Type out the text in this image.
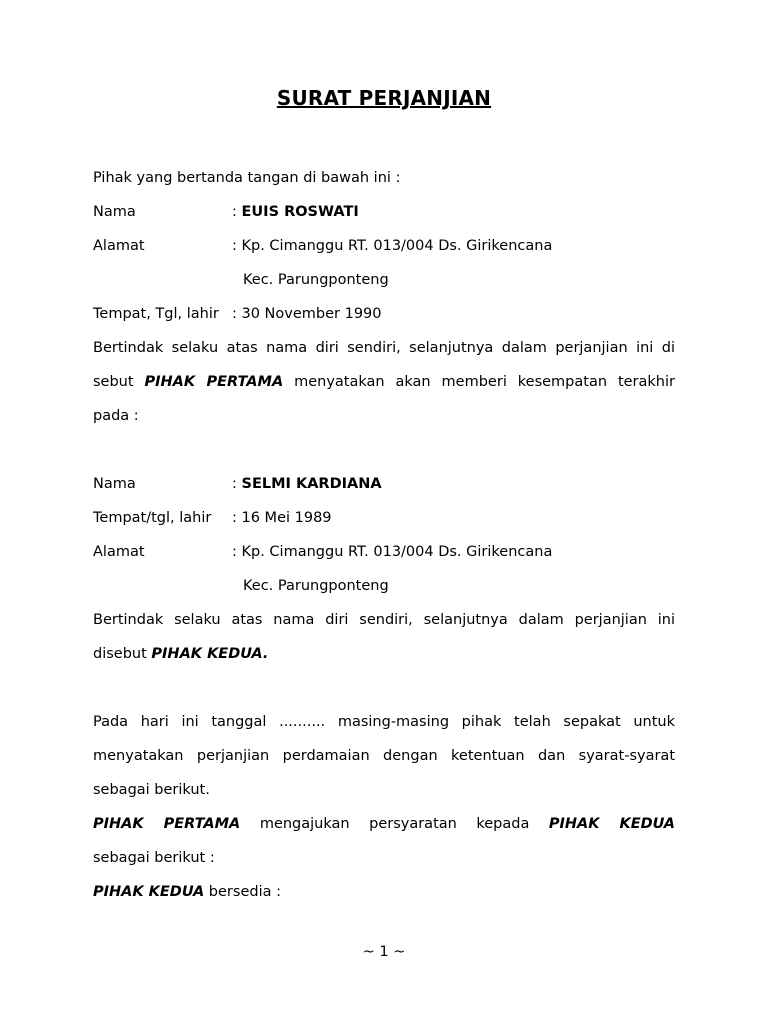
SURAT PERJANJIAN
Pihak yang bertanda tangan di bawah ini :
Nama	: EUIS ROSWATI
Alamat	: Kp. Cimanggu RT. 013/004 Ds. Girikencana
Kec. Parungponteng
Tempat, Tgl, lahir : 30 November 1990
Bertindak selaku atas nama diri sendiri, selanjutnya dalam perjanjian ini di
sebut PIHAK PERTAMA menyatakan akan memberi kesempatan terakhir
pada :
Nama	: SELMI KARDIANA
Tempat/tgl, lahir : 16 Mei 1989
Alamat	: Kp. Cimanggu RT. 013/004 Ds. Girikencana
Kec. Parungponteng
Bertindak selaku atas nama diri sendiri, selanjutnya dalam perjanjian ini
disebut PIHAK KEDUA.
Pada hari ini tanggal .......... masing-masing pihak telah sepakat untuk
menyatakan perjanjian perdamaian dengan ketentuan dan syarat-syarat
sebagai berikut.
PIHAK PERTAMA mengajukan persyaratan kepada PIHAK KEDUA
sebagai berikut :
PIHAK KEDUA bersedia :
~ 1 ~
